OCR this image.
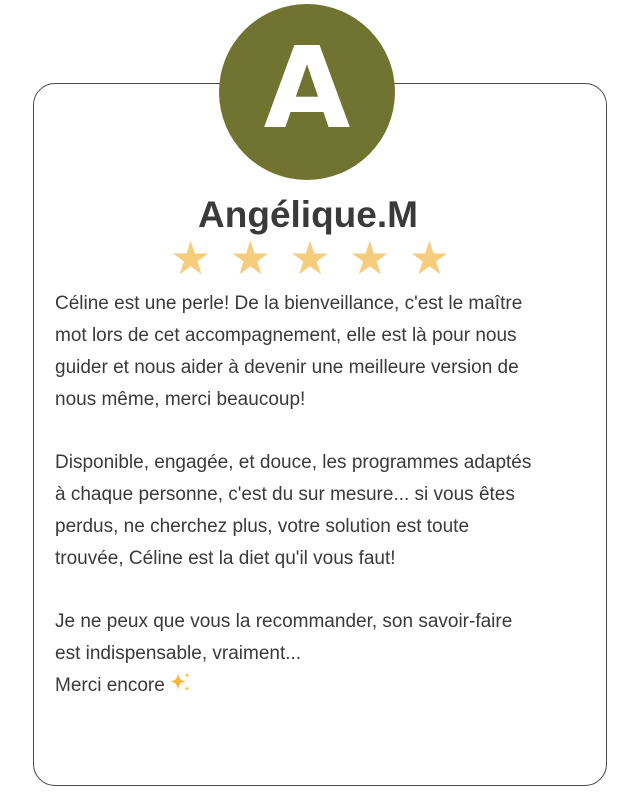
A
Angélique.M
★ ★ ★ ★ ★

Céline est une perle! De la bienveillance, c'est le maître
mot lors de cet accompagnement, elle est là pour nous
guider et nous aider à devenir une meilleure version de
nous même, merci beaucoup!

Disponible, engagée, et douce, les programmes adaptés
à chaque personne, c'est du sur mesure... si vous êtes
perdus, ne cherchez plus, votre solution est toute
trouvée, Céline est la diet qu'il vous faut!

Je ne peux que vous la recommander, son savoir-faire
est indispensable, vraiment...
Merci encore
